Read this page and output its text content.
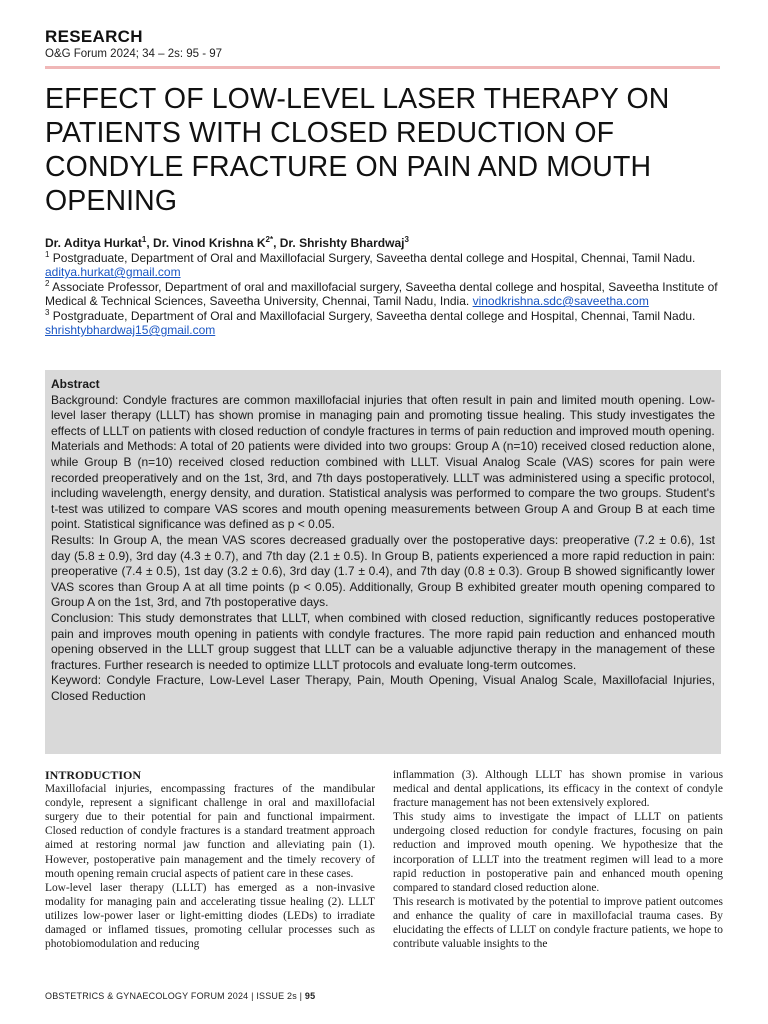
RESEARCH
O&G Forum 2024; 34 – 2s: 95 - 97
EFFECT OF LOW-LEVEL LASER THERAPY ON PATIENTS WITH CLOSED REDUCTION OF CONDYLE FRACTURE ON PAIN AND MOUTH OPENING
Dr. Aditya Hurkat$^1$, Dr. Vinod Krishna $K^{2*}$, Dr. Shrishty Bhardwaj$^3$
$^1$ Postgraduate, Department of Oral and Maxillofacial Surgery, Saveetha dental college and Hospital, Chennai, Tamil Nadu. aditya.hurkat@gmail.com
$^2$ Associate Professor, Department of oral and maxillofacial surgery, Saveetha dental college and hospital, Saveetha Institute of Medical & Technical Sciences, Saveetha University, Chennai, Tamil Nadu, India. vinodkrishna.sdc@saveetha.com
$^3$ Postgraduate, Department of Oral and Maxillofacial Surgery, Saveetha dental college and Hospital, Chennai, Tamil Nadu. shrishtybhardwaj15@gmail.com
Abstract

Background: Condyle fractures are common maxillofacial injuries that often result in pain and limited mouth opening. Low-level laser therapy (LLLT) has shown promise in managing pain and promoting tissue healing. This study investigates the effects of LLLT on patients with closed reduction of condyle fractures in terms of pain reduction and improved mouth opening.

Materials and Methods: A total of 20 patients were divided into two groups: Group A (n=10) received closed reduction alone, while Group B (n=10) received closed reduction combined with LLLT. Visual Analog Scale (VAS) scores for pain were recorded preoperatively and on the 1st, 3rd, and 7th days postoperatively. LLLT was administered using a specific protocol, including wavelength, energy density, and duration. Statistical analysis was performed to compare the two groups. Student's t-test was utilized to compare VAS scores and mouth opening measurements between Group A and Group B at each time point. Statistical significance was defined as p < 0.05.

Results: In Group A, the mean VAS scores decreased gradually over the postoperative days: preoperative (7.2 ± 0.6), 1st day (5.8 ± 0.9), 3rd day (4.3 ± 0.7), and 7th day (2.1 ± 0.5). In Group B, patients experienced a more rapid reduction in pain: preoperative (7.4 ± 0.5), 1st day (3.2 ± 0.6), 3rd day (1.7 ± 0.4), and 7th day (0.8 ± 0.3). Group B showed significantly lower VAS scores than Group A at all time points (p < 0.05). Additionally, Group B exhibited greater mouth opening compared to Group A on the 1st, 3rd, and 7th postoperative days.

Conclusion: This study demonstrates that LLLT, when combined with closed reduction, significantly reduces postoperative pain and improves mouth opening in patients with condyle fractures. The more rapid pain reduction and enhanced mouth opening observed in the LLLT group suggest that LLLT can be a valuable adjunctive therapy in the management of these fractures. Further research is needed to optimize LLLT protocols and evaluate long-term outcomes.

Keyword: Condyle Fracture, Low-Level Laser Therapy, Pain, Mouth Opening, Visual Analog Scale, Maxillofacial Injuries, Closed Reduction

INTRODUCTION

Maxillofacial injuries, encompassing fractures of the mandibular condyle, represent a significant challenge in oral and maxillofacial surgery due to their potential for pain and functional impairment. Closed reduction of condyle fractures is a standard treatment approach aimed at restoring normal jaw function and alleviating pain (1). However, postoperative pain management and the timely recovery of mouth opening remain crucial aspects of patient care in these cases.

Low-level laser therapy (LLLT) has emerged as a non-invasive modality for managing pain and accelerating tissue healing (2). LLLT utilizes low-power laser or light-emitting diodes (LEDs) to irradiate damaged or inflamed tissues, promoting cellular processes such as photobiomodulation and reducing

inflammation (3). Although LLLT has shown promise in various medical and dental applications, its efficacy in the context of condyle fracture management has not been extensively explored.

This study aims to investigate the impact of LLLT on patients undergoing closed reduction for condyle fractures, focusing on pain reduction and improved mouth opening. We hypothesize that the incorporation of LLLT into the treatment regimen will lead to a more rapid reduction in postoperative pain and enhanced mouth opening compared to standard closed reduction alone.

This research is motivated by the potential to improve patient outcomes and enhance the quality of care in maxillofacial trauma cases. By elucidating the effects of LLLT on condyle fracture patients, we hope to contribute valuable insights to the

OBSTETRICS & GYNAECOLOGY FORUM 2024 | ISSUE 2s | 95
